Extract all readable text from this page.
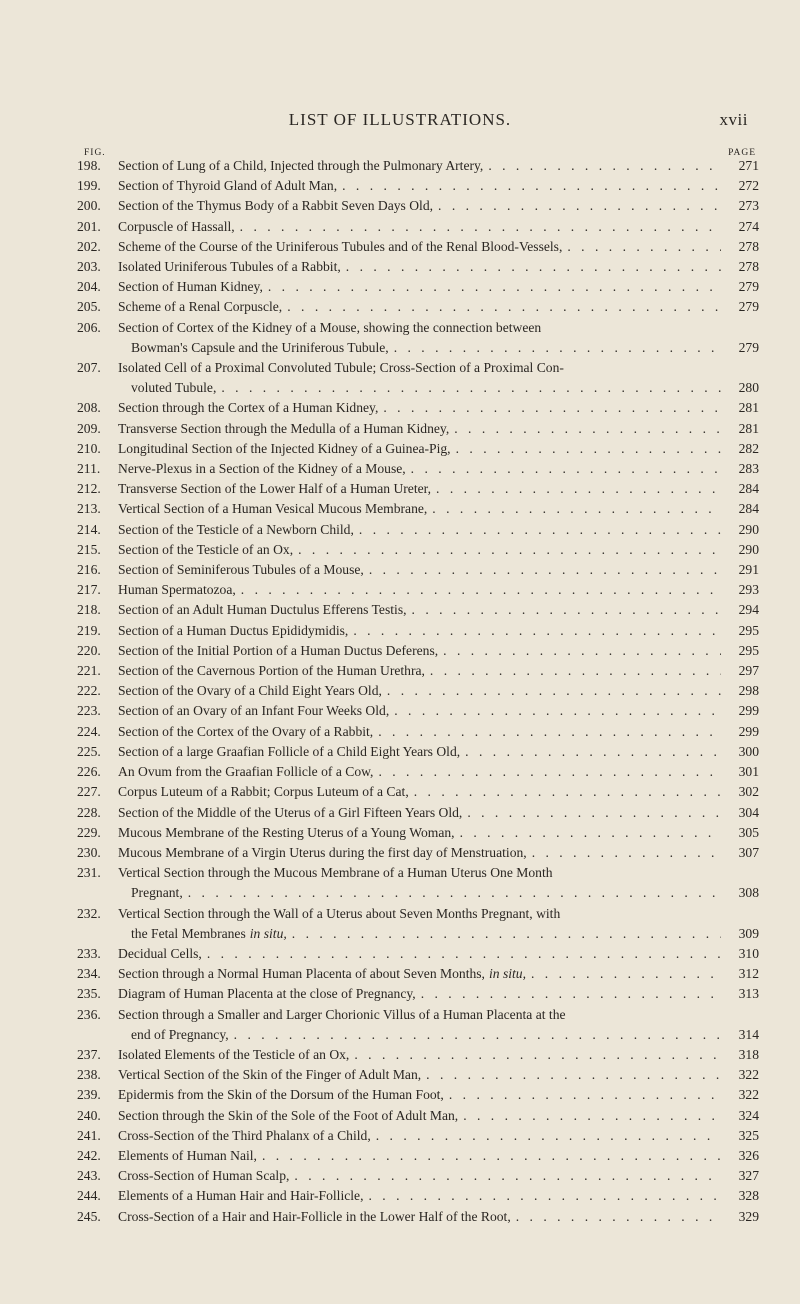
LIST OF ILLUSTRATIONS.	xvii
FIG.	PAGE
198.	Section of Lung of a Child, Injected through the Pulmonary Artery, . . .	271
199.	Section of Thyroid Gland of Adult Man, . . .	272
200.	Section of the Thymus Body of a Rabbit Seven Days Old, . . .	273
201.	Corpuscle of Hassall, . . .	274
202.	Scheme of the Course of the Uriniferous Tubules and of the Renal Blood-Vessels, . . .	278
203.	Isolated Uriniferous Tubules of a Rabbit, . . .	278
204.	Section of Human Kidney, . . .	279
205.	Scheme of a Renal Corpuscle, . . .	279
206.	Section of Cortex of the Kidney of a Mouse, showing the connection between
Bowman's Capsule and the Uriniferous Tubule, . . .	279
207.	Isolated Cell of a Proximal Convoluted Tubule; Cross-Section of a Proximal Con-
voluted Tubule, . . .	280
208.	Section through the Cortex of a Human Kidney, . . .	281
209.	Transverse Section through the Medulla of a Human Kidney, . . .	281
210.	Longitudinal Section of the Injected Kidney of a Guinea-Pig, . . .	282
211.	Nerve-Plexus in a Section of the Kidney of a Mouse, . . .	283
212.	Transverse Section of the Lower Half of a Human Ureter, . . .	284
213.	Vertical Section of a Human Vesical Mucous Membrane, . . .	284
214.	Section of the Testicle of a Newborn Child, . . .	290
215.	Section of the Testicle of an Ox, . . .	290
216.	Section of Seminiferous Tubules of a Mouse, . . .	291
217.	Human Spermatozoa, . . .	293
218.	Section of an Adult Human Ductulus Efferens Testis, . . .	294
219.	Section of a Human Ductus Epididymidis, . . .	295
220.	Section of the Initial Portion of a Human Ductus Deferens, . . .	295
221.	Section of the Cavernous Portion of the Human Urethra, . . .	297
222.	Section of the Ovary of a Child Eight Years Old, . . .	298
223.	Section of an Ovary of an Infant Four Weeks Old, . . .	299
224.	Section of the Cortex of the Ovary of a Rabbit, . . .	299
225.	Section of a large Graafian Follicle of a Child Eight Years Old, . . .	300
226.	An Ovum from the Graafian Follicle of a Cow, . . .	301
227.	Corpus Luteum of a Rabbit; Corpus Luteum of a Cat, . . .	302
228.	Section of the Middle of the Uterus of a Girl Fifteen Years Old, . . .	304
229.	Mucous Membrane of the Resting Uterus of a Young Woman, . . .	305
230.	Mucous Membrane of a Virgin Uterus during the first day of Menstruation, . . .	307
231.	Vertical Section through the Mucous Membrane of a Human Uterus One Month
Pregnant, . . .	308
232.	Vertical Section through the Wall of a Uterus about Seven Months Pregnant, with
the Fetal Membranes in situ, . . .	309
233.	Decidual Cells, . . .	310
234.	Section through a Normal Human Placenta of about Seven Months, in situ, . . .	312
235.	Diagram of Human Placenta at the close of Pregnancy, . . .	313
236.	Section through a Smaller and Larger Chorionic Villus of a Human Placenta at the
end of Pregnancy, . . .	314
237.	Isolated Elements of the Testicle of an Ox, . . .	318
238.	Vertical Section of the Skin of the Finger of Adult Man, . . .	322
239.	Epidermis from the Skin of the Dorsum of the Human Foot, . . .	322
240.	Section through the Skin of the Sole of the Foot of Adult Man, . . .	324
241.	Cross-Section of the Third Phalanx of a Child, . . .	325
242.	Elements of Human Nail, . . .	326
243.	Cross-Section of Human Scalp, . . .	327
244.	Elements of a Human Hair and Hair-Follicle, . . .	328
245.	Cross-Section of a Hair and Hair-Follicle in the Lower Half of the Root, . . .	329
